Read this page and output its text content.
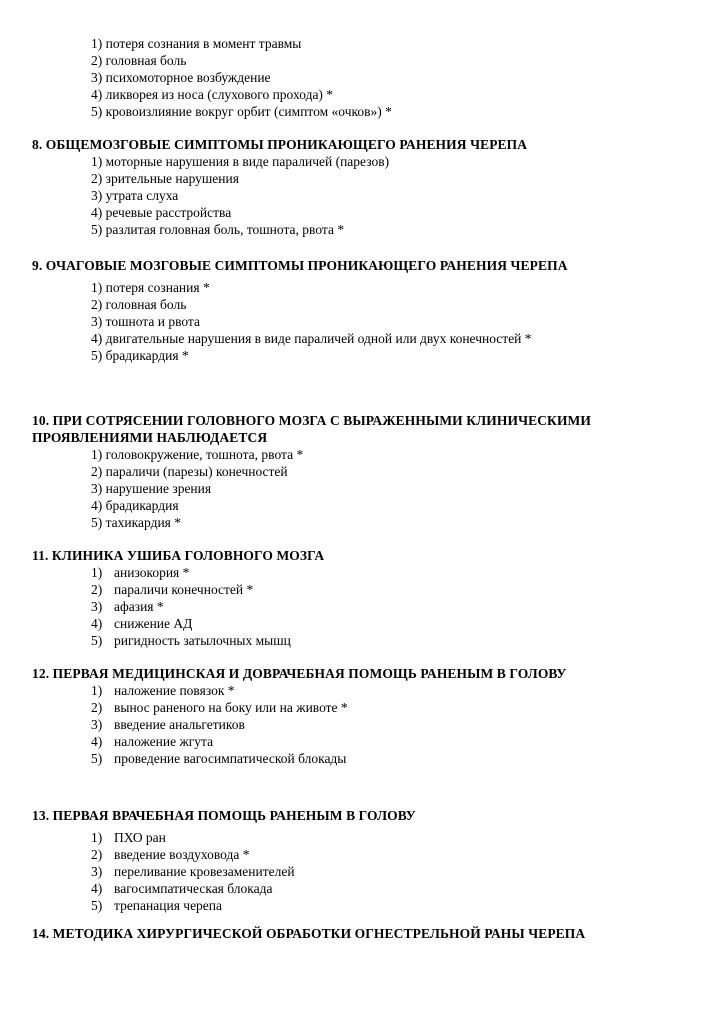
1) потеря сознания в момент травмы
2) головная боль
3) психомоторное возбуждение
4) ликворея из носа (слухового прохода) *
5) кровоизлияние вокруг орбит (симптом «очков») *

8. ОБЩЕМОЗГОВЫЕ СИМПТОМЫ ПРОНИКАЮЩЕГО РАНЕНИЯ ЧЕРЕПА

1) моторные нарушения в виде параличей (парезов)
2) зрительные нарушения
3) утрата слуха
4) речевые расстройства
5) разлитая головная боль, тошнота, рвота *

9. ОЧАГОВЫЕ МОЗГОВЫЕ СИМПТОМЫ ПРОНИКАЮЩЕГО РАНЕНИЯ ЧЕРЕПА

1) потеря сознания *
2) головная боль
3) тошнота и рвота
4) двигательные нарушения в виде параличей одной или двух конечностей *
5) брадикардия *

10. ПРИ СОТРЯСЕНИИ ГОЛОВНОГО МОЗГА С ВЫРАЖЕННЫМИ КЛИНИЧЕСКИМИ ПРОЯВЛЕНИЯМИ НАБЛЮДАЕТСЯ

1) головокружение, тошнота, рвота *
2) параличи (парезы) конечностей
3) нарушение зрения
4) брадикардия
5) тахикардия *

11. КЛИНИКА УШИБА ГОЛОВНОГО МОЗГА

1) анизокория *
2) параличи конечностей *
3) афазия *
4) снижение АД
5) ригидность затылочных мышц

12. ПЕРВАЯ МЕДИЦИНСКАЯ И ДОВРАЧЕБНАЯ ПОМОЩЬ РАНЕНЫМ В ГОЛОВУ

1) наложение повязок *
2) вынос раненого на боку или на животе *
3) введение анальгетиков
4) наложение жгута
5) проведение вагосимпатической блокады

13. ПЕРВАЯ ВРАЧЕБНАЯ ПОМОЩЬ РАНЕНЫМ В ГОЛОВУ

1) ПХО ран
2) введение воздуховода *
3) переливание кровезаменителей
4) вагосимпатическая блокада
5) трепанация черепа

14. МЕТОДИКА ХИРУРГИЧЕСКОЙ ОБРАБОТКИ ОГНЕСТРЕЛЬНОЙ РАНЫ ЧЕРЕПА
